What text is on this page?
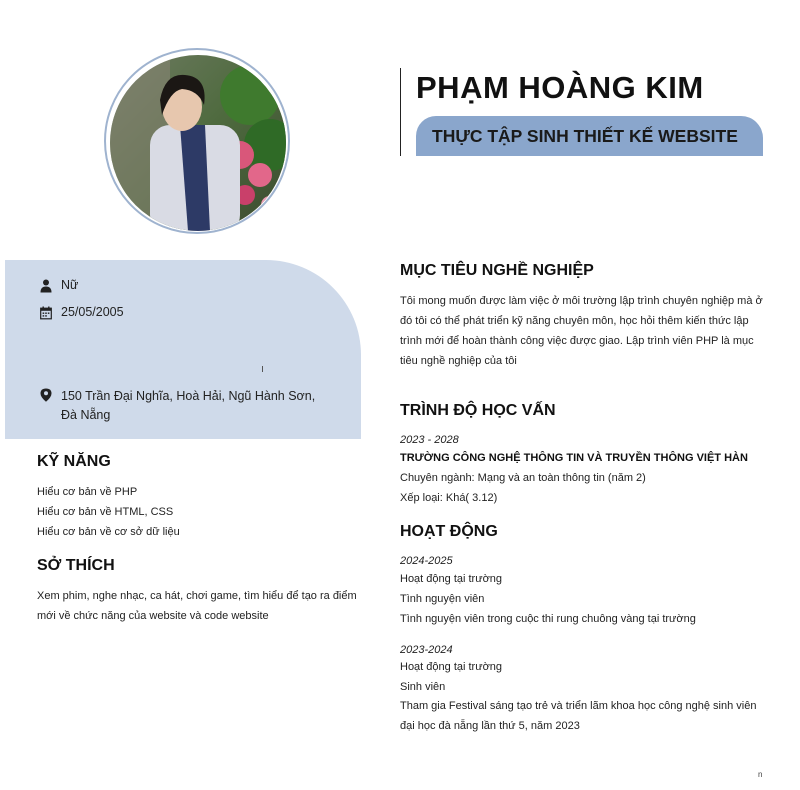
PHẠM HOÀNG KIM
THỰC TẬP SINH THIẾT KẾ WEBSITE
Nữ
25/05/2005
150 Trần Đại Nghĩa, Hoà Hải, Ngũ Hành Sơn,
Đà Nẵng
KỸ NĂNG
Hiểu cơ bản về PHP
Hiểu cơ bản về HTML, CSS
Hiểu cơ bản về cơ sở dữ liệu
SỞ THÍCH
Xem phim, nghe nhạc, ca hát, chơi game, tìm hiểu để tạo ra điểm
mới về chức năng của website và code website
MỤC TIÊU NGHỀ NGHIỆP
Tôi mong muốn được làm việc ở môi trường lập trình chuyên nghiệp mà ở
đó tôi có thể phát triển kỹ năng chuyên môn, học hỏi thêm kiến thức lập
trình mới để hoàn thành công việc được giao. Lập trình viên PHP là mục
tiêu nghề nghiệp của tôi
TRÌNH ĐỘ HỌC VẤN
2023 - 2028
TRƯỜNG CÔNG NGHỆ THÔNG TIN VÀ TRUYỀN THÔNG VIỆT HÀN
Chuyên ngành: Mạng và an toàn thông tin (năm 2)
Xếp loại: Khá( 3.12)
HOẠT ĐỘNG
2024-2025
Hoạt động tại trường
Tình nguyện viên
Tình nguyện viên trong cuộc thi rung chuông vàng tại trường
2023-2024
Hoạt động tại trường
Sinh viên
Tham gia Festival sáng tạo trẻ và triển lãm khoa học công nghệ sinh viên
đại học đà nẵng lần thứ 5, năm 2023
n
